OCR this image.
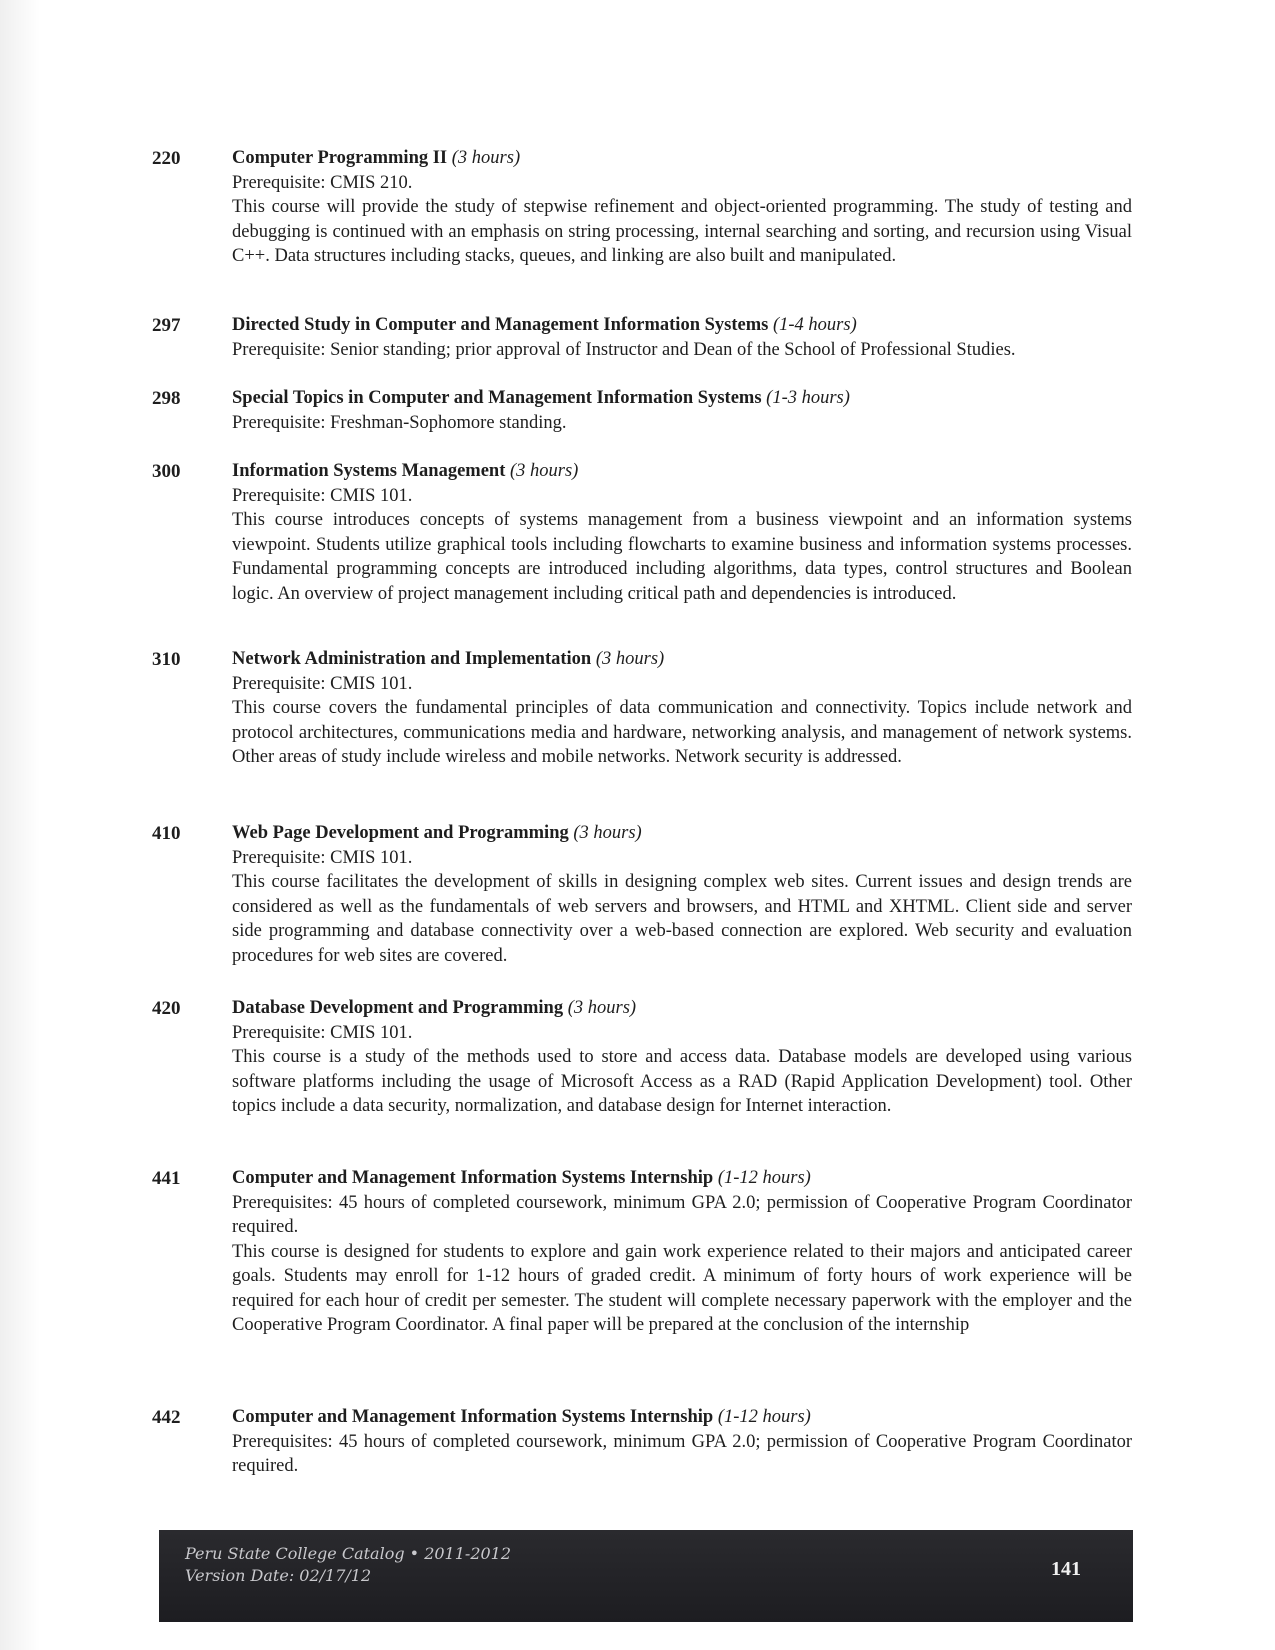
220	Computer Programming II (3 hours)

Prerequisite: CMIS 210.

This course will provide the study of stepwise refinement and object-oriented programming. The study of testing and debugging is continued with an emphasis on string processing, internal searching and sorting, and recursion using Visual C++. Data structures including stacks, queues, and linking are also built and manipulated.

297	Directed Study in Computer and Management Information Systems (1-4 hours)

Prerequisite: Senior standing; prior approval of Instructor and Dean of the School of Professional Studies.

298	Special Topics in Computer and Management Information Systems (1-3 hours)

Prerequisite: Freshman-Sophomore standing.

300	Information Systems Management (3 hours)

Prerequisite: CMIS 101.

This course introduces concepts of systems management from a business viewpoint and an information systems viewpoint. Students utilize graphical tools including flowcharts to examine business and information systems processes. Fundamental programming concepts are introduced including algorithms, data types, control structures and Boolean logic. An overview of project management including critical path and dependencies is introduced.

310	Network Administration and Implementation (3 hours)

Prerequisite: CMIS 101.

This course covers the fundamental principles of data communication and connectivity. Topics include network and protocol architectures, communications media and hardware, networking analysis, and management of network systems. Other areas of study include wireless and mobile networks. Network security is addressed.

410	Web Page Development and Programming (3 hours)

Prerequisite: CMIS 101.

This course facilitates the development of skills in designing complex web sites. Current issues and design trends are considered as well as the fundamentals of web servers and browsers, and HTML and XHTML. Client side and server side programming and database connectivity over a web-based connection are explored. Web security and evaluation procedures for web sites are covered.

420	Database Development and Programming (3 hours)

Prerequisite: CMIS 101.

This course is a study of the methods used to store and access data. Database models are developed using various software platforms including the usage of Microsoft Access as a RAD (Rapid Application Development) tool. Other topics include a data security, normalization, and database design for Internet interaction.

441	Computer and Management Information Systems Internship (1-12 hours)

Prerequisites: 45 hours of completed coursework, minimum GPA 2.0; permission of Cooperative Program Coordinator required.

This course is designed for students to explore and gain work experience related to their majors and anticipated career goals. Students may enroll for 1-12 hours of graded credit. A minimum of forty hours of work experience will be required for each hour of credit per semester. The student will complete necessary paperwork with the employer and the Cooperative Program Coordinator. A final paper will be prepared at the conclusion of the internship

442	Computer and Management Information Systems Internship (1-12 hours)

Prerequisites: 45 hours of completed coursework, minimum GPA 2.0; permission of Cooperative Program Coordinator required.

Peru State College Catalog • 2011-2012
Version Date: 02/17/12	141
